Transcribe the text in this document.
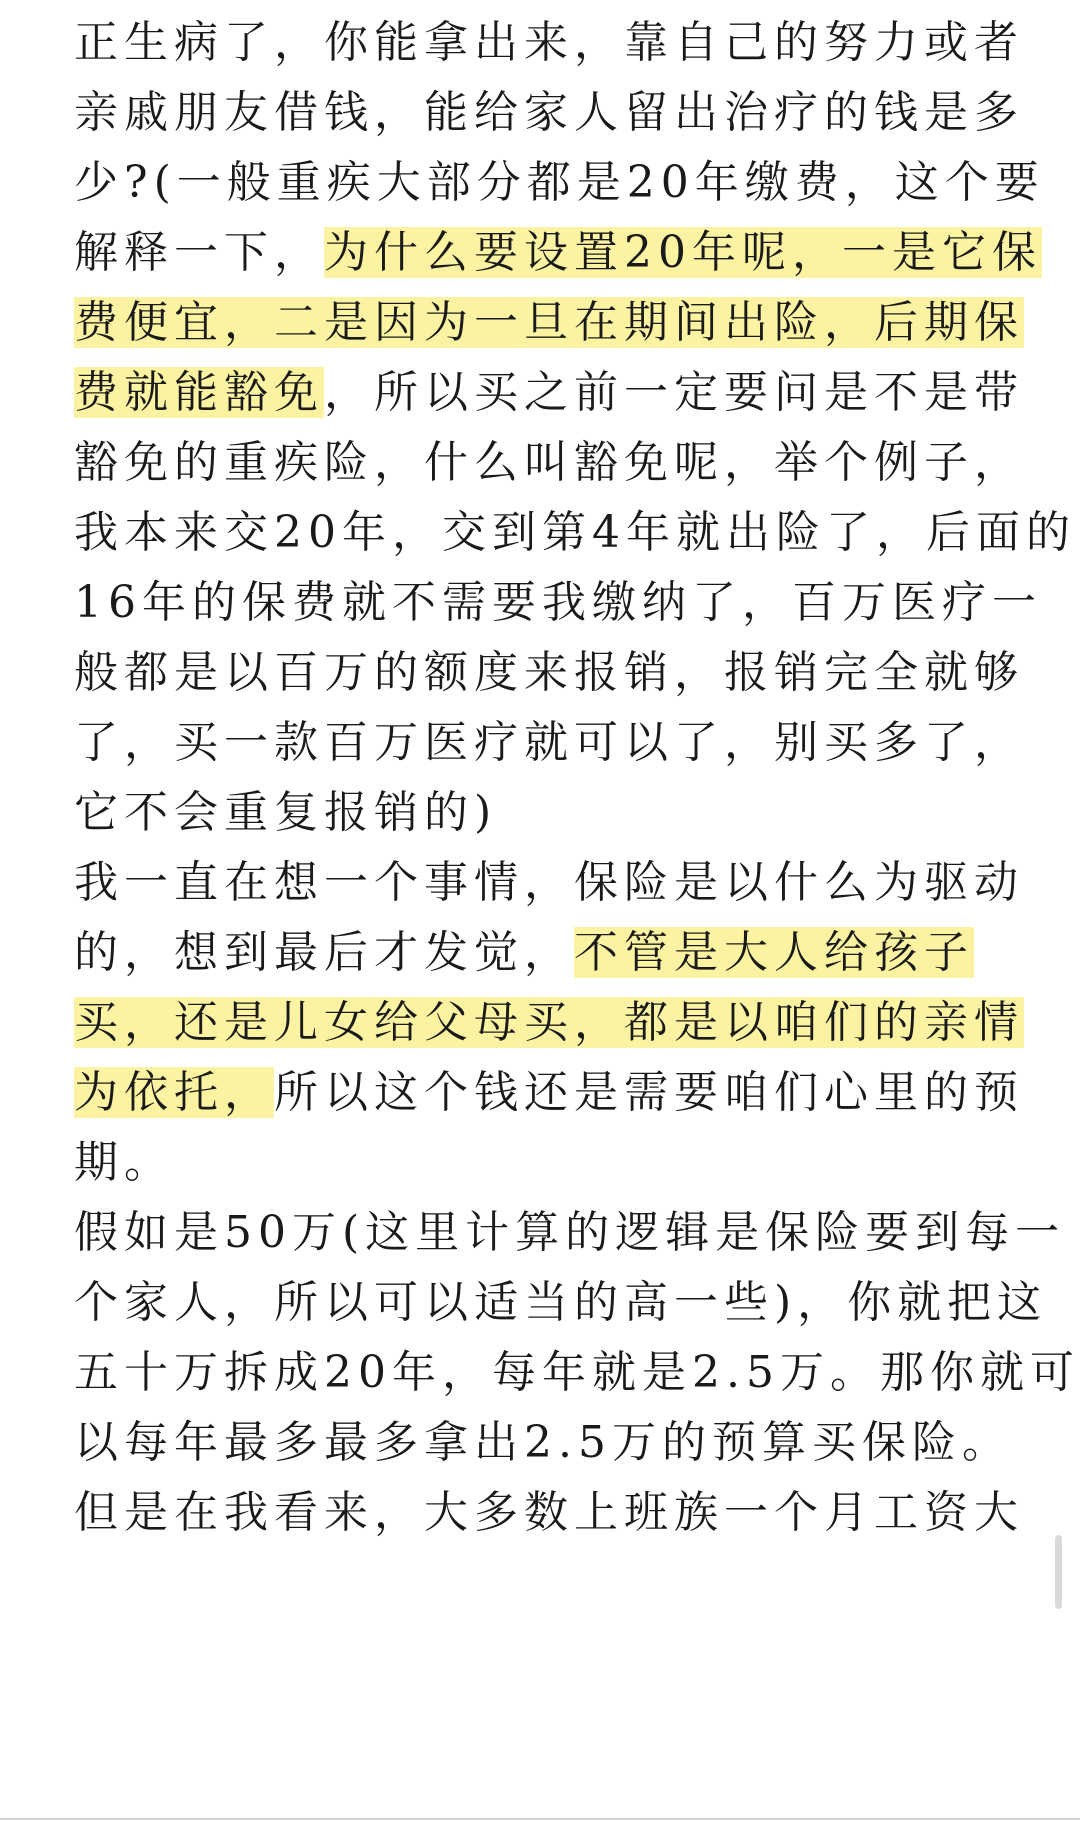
正生病了，你能拿出来，靠自己的努力或者
亲戚朋友借钱，能给家人留出治疗的钱是多
少?(一般重疾大部分都是20年缴费，这个要
解释一下，为什么要设置20年呢，一是它保
费便宜，二是因为一旦在期间出险，后期保
费就能豁免，所以买之前一定要问是不是带
豁免的重疾险，什么叫豁免呢，举个例子，
我本来交20年，交到第4年就出险了，后面的
16年的保费就不需要我缴纳了，百万医疗一
般都是以百万的额度来报销，报销完全就够
了，买一款百万医疗就可以了，别买多了，
它不会重复报销的)
我一直在想一个事情，保险是以什么为驱动
的，想到最后才发觉，不管是大人给孩子
买，还是儿女给父母买，都是以咱们的亲情
为依托，所以这个钱还是需要咱们心里的预
期。
假如是50万(这里计算的逻辑是保险要到每一
个家人，所以可以适当的高一些)，你就把这
五十万拆成20年，每年就是2.5万。那你就可
以每年最多最多拿出2.5万的预算买保险。
但是在我看来，大多数上班族一个月工资大
